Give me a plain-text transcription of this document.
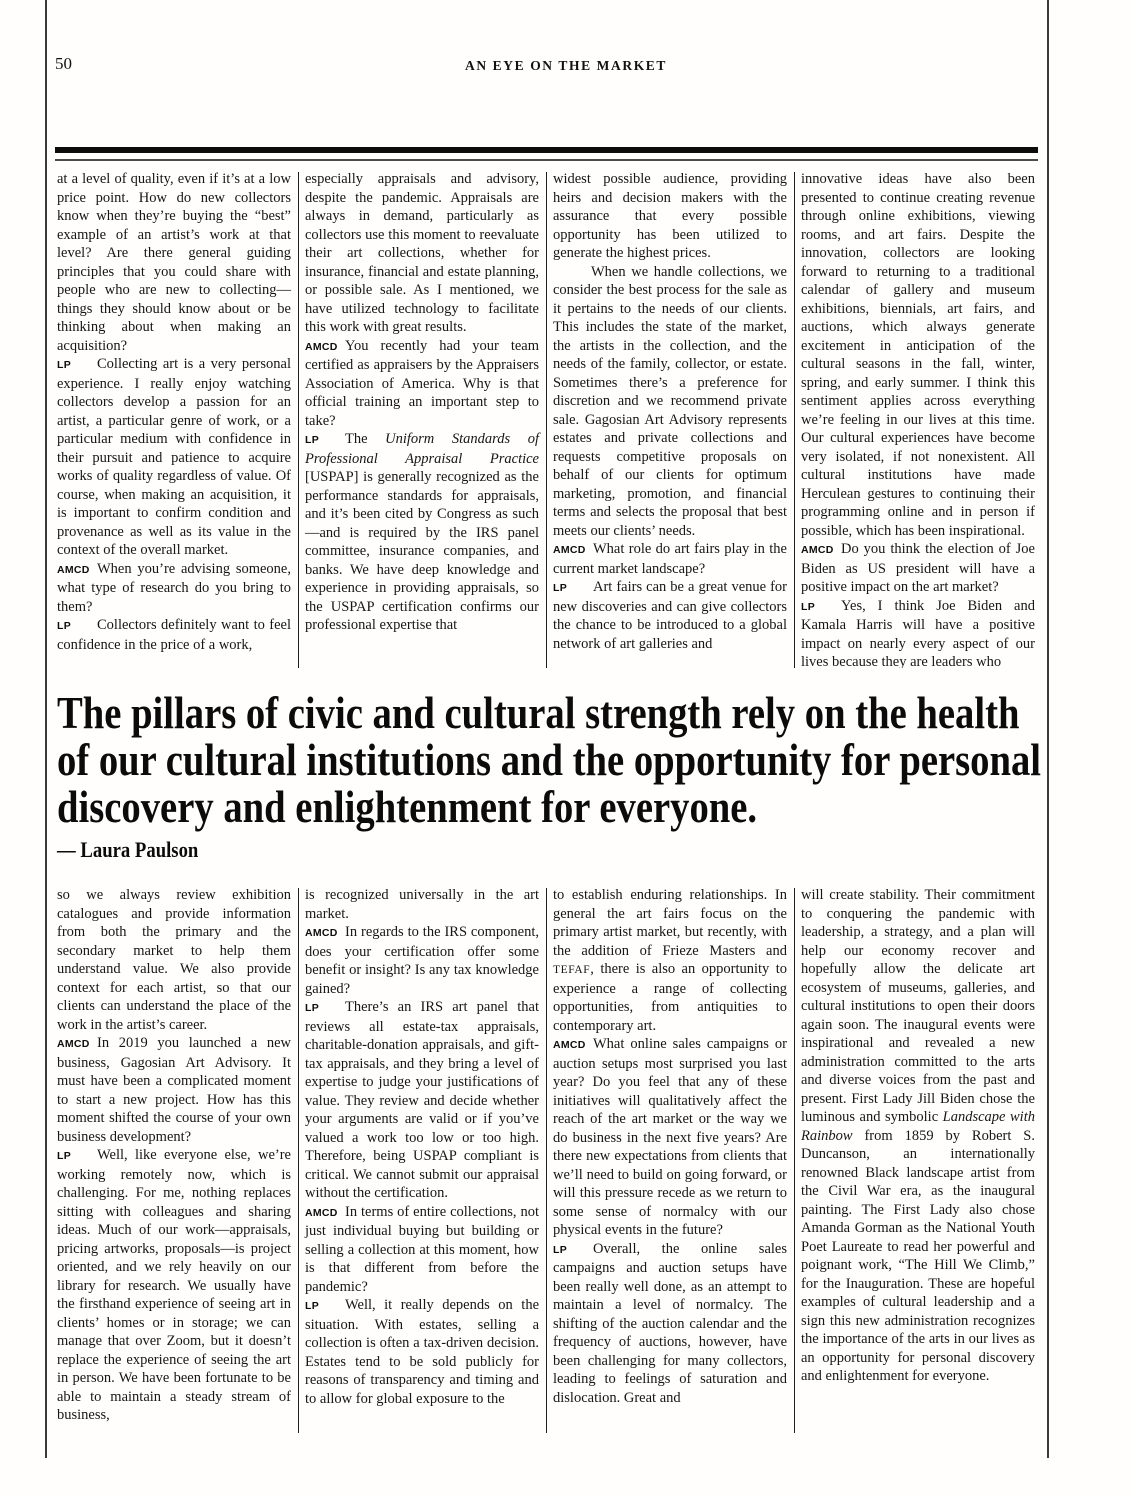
50	AN EYE ON THE MARKET

at a level of quality, even if it’s at a low price point. How do new collectors know when they’re buying the “best” example of an artist’s work at that level? Are there general guiding principles that you could share with people who are new to collecting—things they should know about or be thinking about when making an acquisition?

LP Collecting art is a very personal experience. I really enjoy watching collectors develop a passion for an artist, a particular genre of work, or a particular medium with confidence in their pursuit and patience to acquire works of quality regardless of value. Of course, when making an acquisition, it is important to confirm condition and provenance as well as its value in the context of the overall market.

AMCD When you’re advising someone, what type of research do you bring to them?

LP Collectors definitely want to feel confidence in the price of a work,

especially appraisals and advisory, despite the pandemic. Appraisals are always in demand, particularly as collectors use this moment to reevaluate their art collections, whether for insurance, financial and estate planning, or possible sale. As I mentioned, we have utilized technology to facilitate this work with great results.

AMCD You recently had your team certified as appraisers by the Appraisers Association of America. Why is that official training an important step to take?

LP The Uniform Standards of Professional Appraisal Practice [USPAP] is generally recognized as the performance standards for appraisals, and it’s been cited by Congress as such—and is required by the IRS panel committee, insurance companies, and banks. We have deep knowledge and experience in providing appraisals, so the USPAP certification confirms our professional expertise that

widest possible audience, providing heirs and decision makers with the assurance that every possible opportunity has been utilized to generate the highest prices.

When we handle collections, we consider the best process for the sale as it pertains to the needs of our clients. This includes the state of the market, the artists in the collection, and the needs of the family, collector, or estate. Sometimes there’s a preference for discretion and we recommend private sale. Gagosian Art Advisory represents estates and private collections and requests competitive proposals on behalf of our clients for optimum marketing, promotion, and financial terms and selects the proposal that best meets our clients’ needs.

AMCD What role do art fairs play in the current market landscape?

LP Art fairs can be a great venue for new discoveries and can give collectors the chance to be introduced to a global network of art galleries and

innovative ideas have also been presented to continue creating revenue through online exhibitions, viewing rooms, and art fairs. Despite the innovation, collectors are looking forward to returning to a traditional calendar of gallery and museum exhibitions, biennials, art fairs, and auctions, which always generate excitement in anticipation of the cultural seasons in the fall, winter, spring, and early summer. I think this sentiment applies across everything we’re feeling in our lives at this time. Our cultural experiences have become very isolated, if not nonexistent. All cultural institutions have made Herculean gestures to continuing their programming online and in person if possible, which has been inspirational.

AMCD Do you think the election of Joe Biden as US president will have a positive impact on the art market?

LP Yes, I think Joe Biden and Kamala Harris will have a positive impact on nearly every aspect of our lives because they are leaders who

The pillars of civic and cultural strength rely on the health
of our cultural institutions and the opportunity for personal
discovery and enlightenment for everyone.
— Laura Paulson

so we always review exhibition catalogues and provide information from both the primary and the secondary market to help them understand value. We also provide context for each artist, so that our clients can understand the place of the work in the artist’s career.

AMCD In 2019 you launched a new business, Gagosian Art Advisory. It must have been a complicated moment to start a new project. How has this moment shifted the course of your own business development?

LP Well, like everyone else, we’re working remotely now, which is challenging. For me, nothing replaces sitting with colleagues and sharing ideas. Much of our work—appraisals, pricing artworks, proposals—is project oriented, and we rely heavily on our library for research. We usually have the firsthand experience of seeing art in clients’ homes or in storage; we can manage that over Zoom, but it doesn’t replace the experience of seeing the art in person. We have been fortunate to be able to maintain a steady stream of business,

is recognized universally in the art market.

AMCD In regards to the IRS component, does your certification offer some benefit or insight? Is any tax knowledge gained?

LP There’s an IRS art panel that reviews all estate-tax appraisals, charitable-donation appraisals, and gift-tax appraisals, and they bring a level of expertise to judge your justifications of value. They review and decide whether your arguments are valid or if you’ve valued a work too low or too high. Therefore, being USPAP compliant is critical. We cannot submit our appraisal without the certification.

AMCD In terms of entire collections, not just individual buying but building or selling a collection at this moment, how is that different from before the pandemic?

LP Well, it really depends on the situation. With estates, selling a collection is often a tax-driven decision. Estates tend to be sold publicly for reasons of transparency and timing and to allow for global exposure to the

to establish enduring relationships. In general the art fairs focus on the primary artist market, but recently, with the addition of Frieze Masters and TEFAF, there is also an opportunity to experience a range of collecting opportunities, from antiquities to contemporary art.

AMCD What online sales campaigns or auction setups most surprised you last year? Do you feel that any of these initiatives will qualitatively affect the reach of the art market or the way we do business in the next five years? Are there new expectations from clients that we’ll need to build on going forward, or will this pressure recede as we return to some sense of normalcy with our physical events in the future?

LP Overall, the online sales campaigns and auction setups have been really well done, as an attempt to maintain a level of normalcy. The shifting of the auction calendar and the frequency of auctions, however, have been challenging for many collectors, leading to feelings of saturation and dislocation. Great and

will create stability. Their commitment to conquering the pandemic with leadership, a strategy, and a plan will help our economy recover and hopefully allow the delicate art ecosystem of museums, galleries, and cultural institutions to open their doors again soon. The inaugural events were inspirational and revealed a new administration committed to the arts and diverse voices from the past and present. First Lady Jill Biden chose the luminous and symbolic Landscape with Rainbow from 1859 by Robert S. Duncanson, an internationally renowned Black landscape artist from the Civil War era, as the inaugural painting. The First Lady also chose Amanda Gorman as the National Youth Poet Laureate to read her powerful and poignant work, “The Hill We Climb,” for the Inauguration. These are hopeful examples of cultural leadership and a sign this new administration recognizes the importance of the arts in our lives as an opportunity for personal discovery and enlightenment for everyone.
